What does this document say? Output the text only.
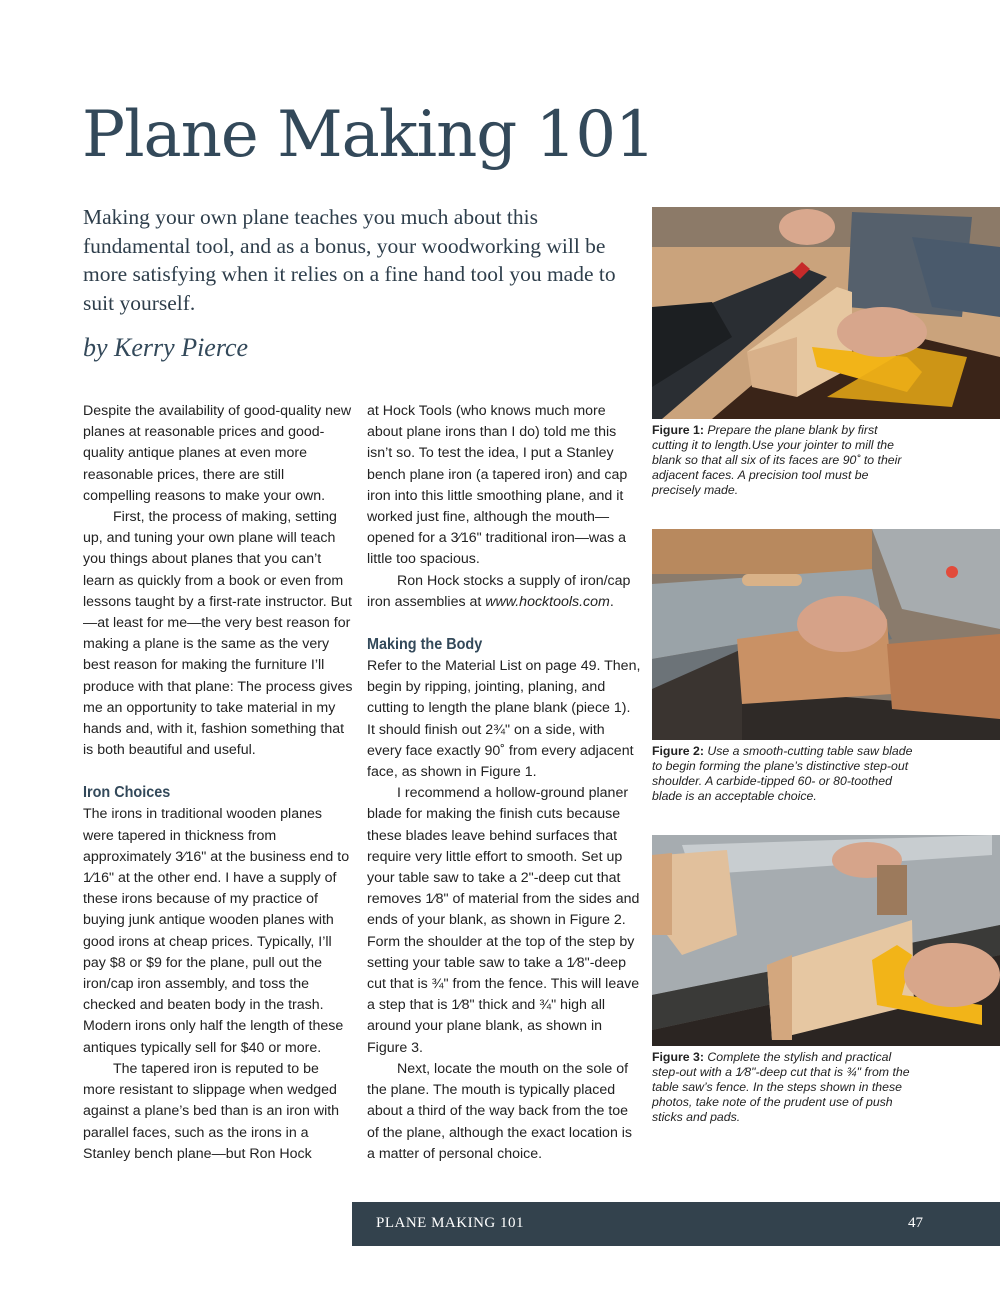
Plane Making 101

Making your own plane teaches you much about this fundamental tool, and as a bonus, your woodworking will be more satisfying when it relies on a fine hand tool you made to suit yourself.

by Kerry Pierce

Despite the availability of good-quality new planes at reasonable prices and good-quality antique planes at even more reasonable prices, there are still compelling reasons to make your own.

First, the process of making, setting up, and tuning your own plane will teach you things about planes that you can’t learn as quickly from a book or even from lessons taught by a first-rate instructor. But —at least for me—the very best reason for making a plane is the same as the very best reason for making the furniture I’ll produce with that plane: The process gives me an opportunity to take material in my hands and, with it, fashion something that is both beautiful and useful.

Iron Choices

The irons in traditional wooden planes were tapered in thickness from approximately 3⁄16" at the business end to 1⁄16" at the other end. I have a supply of these irons because of my practice of buying junk antique wooden planes with good irons at cheap prices. Typically, I’ll pay $8 or $9 for the plane, pull out the iron/cap iron assembly, and toss the checked and beaten body in the trash. Modern irons only half the length of these antiques typically sell for $40 or more.

The tapered iron is reputed to be more resistant to slippage when wedged against a plane’s bed than is an iron with parallel faces, such as the irons in a Stanley bench plane—but Ron Hock

at Hock Tools (who knows much more about plane irons than I do) told me this isn’t so. To test the idea, I put a Stanley bench plane iron (a tapered iron) and cap iron into this little smoothing plane, and it worked just fine, although the mouth— opened for a 3⁄16" traditional iron—was a little too spacious.

Ron Hock stocks a supply of iron/cap iron assemblies at www.hocktools.com.

Making the Body

Refer to the Material List on page 49. Then, begin by ripping, jointing, planing, and cutting to length the plane blank (piece 1). It should finish out 2¾" on a side, with every face exactly 90˚ from every adjacent face, as shown in Figure 1.

I recommend a hollow-ground planer blade for making the finish cuts because these blades leave behind surfaces that require very little effort to smooth. Set up your table saw to take a 2"-deep cut that removes 1⁄8" of material from the sides and ends of your blank, as shown in Figure 2. Form the shoulder at the top of the step by setting your table saw to take a 1⁄8"-deep cut that is ¾" from the fence. This will leave a step that is 1⁄8" thick and ¾" high all around your plane blank, as shown in Figure 3.

Next, locate the mouth on the sole of the plane. The mouth is typically placed about a third of the way back from the toe of the plane, although the exact location is a matter of personal choice.

Figure 1: Prepare the plane blank by first cutting it to length.Use your jointer to mill the blank so that all six of its faces are 90˚ to their adjacent faces. A precision tool must be precisely made.
Figure 2: Use a smooth-cutting table saw blade to begin forming the plane’s distinctive step-out shoulder. A carbide-tipped 60- or 80-toothed blade is an acceptable choice.
Figure 3: Complete the stylish and practical step-out with a 1⁄8"-deep cut that is ¾" from the table saw’s fence. In the steps shown in these photos, take note of the prudent use of push sticks and pads.
PLANE MAKING 101	47
